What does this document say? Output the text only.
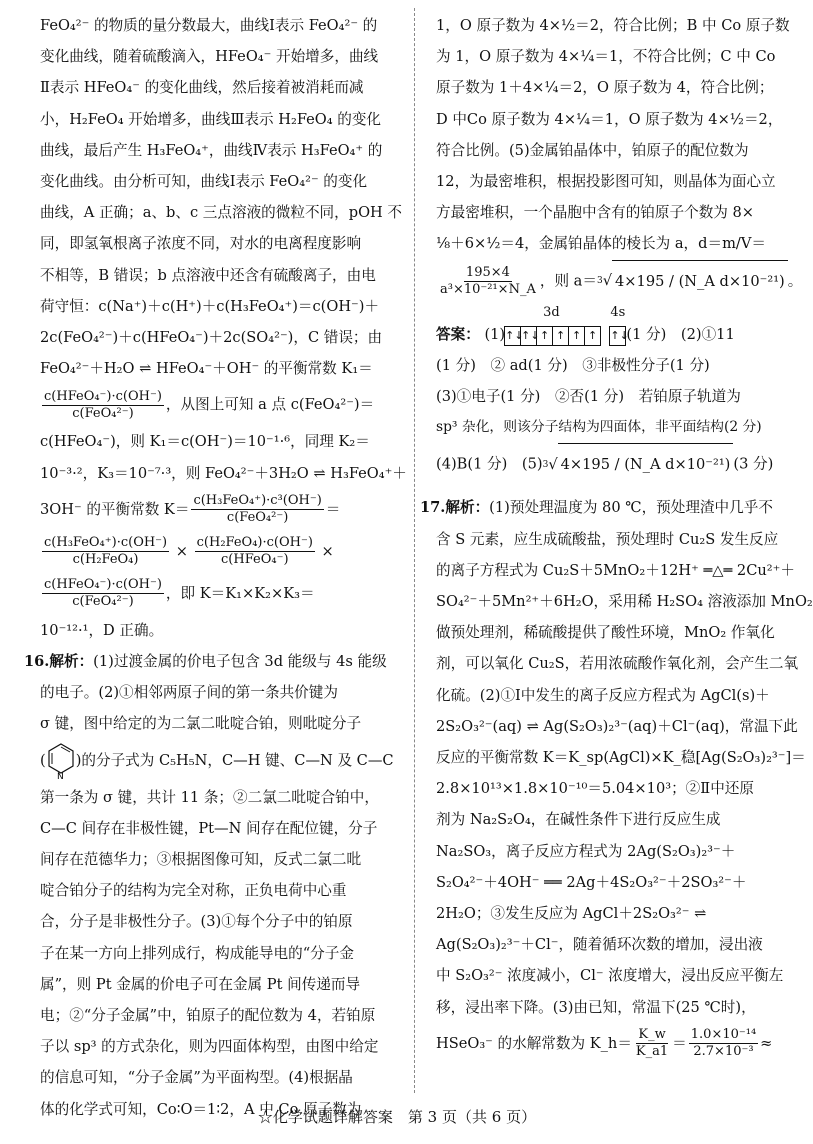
FeO₄²⁻ 的物质的量分数最大，曲线Ⅰ表示 FeO₄²⁻ 的
变化曲线，随着硫酸滴入，HFeO₄⁻ 开始增多，曲线
Ⅱ表示 HFeO₄⁻ 的变化曲线，然后接着被消耗而减
小，H₂FeO₄ 开始增多，曲线Ⅲ表示 H₂FeO₄ 的变化
曲线，最后产生 H₃FeO₄⁺，曲线Ⅳ表示 H₃FeO₄⁺ 的
变化曲线。由分析可知，曲线Ⅰ表示 FeO₄²⁻ 的变化
曲线，A 正确；a、b、c 三点溶液的微粒不同，pOH 不
同，即氢氧根离子浓度不同，对水的电离程度影响
不相等，B 错误；b 点溶液中还含有硫酸离子，由电
荷守恒：c(Na⁺)＋c(H⁺)＋c(H₃FeO₄⁺)＝c(OH⁻)＋
2c(FeO₄²⁻)＋c(HFeO₄⁻)＋2c(SO₄²⁻)，C 错误；由
FeO₄²⁻＋H₂O ⇌ HFeO₄⁻＋OH⁻ 的平衡常数 K₁＝
$\frac{\text{c(HFeO₄⁻)·c(OH⁻)}}{\text{c(FeO₄²⁻)}}$ ，从图上可知 a 点 c(FeO₄²⁻)＝
c(HFeO₄⁻)，则 K₁＝c(OH⁻)＝10⁻¹·⁶，同理 K₂＝
10⁻³·²，K₃＝10⁻⁷·³，则 FeO₄²⁻＋3H₂O ⇌ H₃FeO₄⁺＋
3OH⁻ 的平衡常数 $K= \frac{\text{c(H₃FeO₄⁺)·c³(OH⁻)}}{\text{c(FeO₄²⁻)}}$ ＝
$\frac{\text{c(H₃FeO₄⁺)·c(OH⁻)}}{\text{c(H₂FeO₄)}} \times \frac{\text{c(H₂FeO₄)·c(OH⁻)}}{\text{c(HFeO₄⁻)}}$ ×
$\frac{\text{c(HFeO₄⁻)·c(OH⁻)}}{\text{c(FeO₄²⁻)}}$ ，即 K＝K₁×K₂×K₃＝
10⁻¹²·¹，D 正确。
16.解析：(1)过渡金属的价电子包含 3d 能级与 4s 能级
的电子。(2)①相邻两原子间的第一条共价键为
σ 键，图中给定的为二氯二吡啶合铂，则吡啶分子
(
N
)的分子式为 C₅H₅N，C—H 键、C—N 及 C—C
第一条为 σ 键，共计 11 条；②二氯二吡啶合铂中，
C—C 间存在非极性键，Pt—N 间存在配位键，分子
间存在范德华力；③根据图像可知，反式二氯二吡
啶合铂分子的结构为完全对称，正负电荷中心重
合，分子是非极性分子。(3)①每个分子中的铂原
子在某一方向上排列成行，构成能导电的“分子金
属”，则 Pt 金属的价电子可在金属 Pt 间传递而导
电；②“分子金属”中，铂原子的配位数为 4，若铂原
子以 sp³ 的方式杂化，则为四面体构型，由图中给定
的信息可知，“分子金属”为平面构型。(4)根据晶
体的化学式可知，Co∶O＝1∶2，A 中 Co 原子数为
1，O 原子数为 4×½＝2，符合比例；B 中 Co 原子数
为 1，O 原子数为 4×¼＝1，不符合比例；C 中 Co
原子数为 1＋4×¼＝2，O 原子数为 4，符合比例；
D 中Co 原子数为 4×¼＝1，O 原子数为 4×½＝2，
符合比例。(5)金属铂晶体中，铂原子的配位数为
12，为最密堆积，根据投影图可知，则晶体为面心立
方最密堆积，一个晶胞中含有的铂原子个数为 8×
⅛＋6×½＝4，金属铂晶体的棱长为 a，d＝m/V＝
$\frac{195\times 4}{\text{a³×10⁻²¹×N\_A}}$ ，则 a＝ 3 √ 4×195 / (N_A d×10⁻²¹) 。
答案： (1)
3d
↑↓↑↓↑ ↑ ↑ ↑
4s
↑↓(1 分)　(2)①11
(1 分)　② ad(1 分)　③非极性分子(1 分)
(3)①电子(1 分)　②否(1 分)　若铂原子轨道为
sp³ 杂化，则该分子结构为四面体，非平面结构(2 分)
(4)B(1 分)　(5) 3 √ 4×195 / (N_A d×10⁻²¹) (3 分)
17.解析：(1)预处理温度为 80 ℃，预处理渣中几乎不
含 S 元素，应生成硫酸盐，预处理时 Cu₂S 发生反应
的离子方程式为 Cu₂S＋5MnO₂＋12H⁺ ═△═ 2Cu²⁺＋
SO₄²⁻＋5Mn²⁺＋6H₂O，采用稀 H₂SO₄ 溶液添加 MnO₂
做预处理剂，稀硫酸提供了酸性环境，MnO₂ 作氧化
剂，可以氧化 Cu₂S，若用浓硫酸作氧化剂，会产生二氧
化硫。(2)①Ⅰ中发生的离子反应方程式为 AgCl(s)＋
2S₂O₃²⁻(aq) ⇌ Ag(S₂O₃)₂³⁻(aq)＋Cl⁻(aq)，常温下此
反应的平衡常数 K＝K_sp(AgCl)×K_稳[Ag(S₂O₃)₂³⁻]＝
2.8×10¹³×1.8×10⁻¹⁰＝5.04×10³；②Ⅱ中还原
剂为 Na₂S₂O₄，在碱性条件下进行反应生成
Na₂SO₃，离子反应方程式为 2Ag(S₂O₃)₂³⁻＋
S₂O₄²⁻＋4OH⁻ ══ 2Ag＋4S₂O₃²⁻＋2SO₃²⁻＋
2H₂O；③发生反应为 AgCl＋2S₂O₃²⁻ ⇌
Ag(S₂O₃)₂³⁻＋Cl⁻，随着循环次数的增加，浸出液
中 S₂O₃²⁻ 浓度减小，Cl⁻ 浓度增大，浸出反应平衡左
移，浸出率下降。(3)由已知，常温下(25 ℃时)，
HSeO₃⁻ 的水解常数为 K_h＝ $\frac{K\_w}{K\_a1} = \frac{\text{1.0×10⁻¹⁴}}{\text{2.7×10⁻³}}$ ≈
☆化学试题详解答案　第 3 页（共 6 页）
